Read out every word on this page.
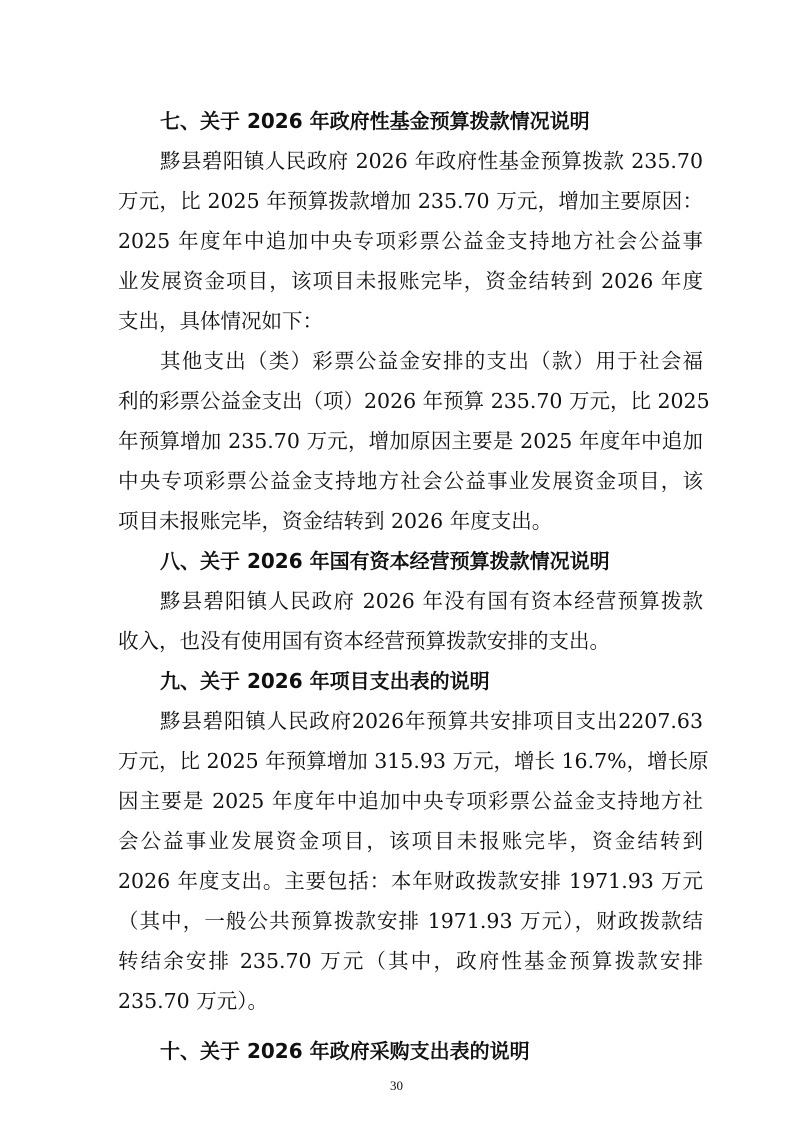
七、关于 2026 年政府性基金预算拨款情况说明
黟县碧阳镇人民政府 2026 年政府性基金预算拨款 235.70
万元，比 2025 年预算拨款增加 235.70 万元，增加主要原因：
2025 年度年中追加中央专项彩票公益金支持地方社会公益事
业发展资金项目，该项目未报账完毕，资金结转到 2026 年度
支出，具体情况如下：
其他支出（类）彩票公益金安排的支出（款）用于社会福
利的彩票公益金支出（项）2026 年预算 235.70 万元，比 2025
年预算增加 235.70 万元，增加原因主要是 2025 年度年中追加
中央专项彩票公益金支持地方社会公益事业发展资金项目，该
项目未报账完毕，资金结转到 2026 年度支出。
八、关于 2026 年国有资本经营预算拨款情况说明
黟县碧阳镇人民政府 2026 年没有国有资本经营预算拨款
收入，也没有使用国有资本经营预算拨款安排的支出。
九、关于 2026 年项目支出表的说明
黟县碧阳镇人民政府2026年预算共安排项目支出2207.63
万元，比 2025 年预算增加 315.93 万元，增长 16.7%，增长原
因主要是 2025 年度年中追加中央专项彩票公益金支持地方社
会公益事业发展资金项目，该项目未报账完毕，资金结转到
2026 年度支出。主要包括：本年财政拨款安排 1971.93 万元
（其中，一般公共预算拨款安排 1971.93 万元），财政拨款结
转结余安排 235.70 万元（其中，政府性基金预算拨款安排
235.70 万元）。
十、关于 2026 年政府采购支出表的说明
30
